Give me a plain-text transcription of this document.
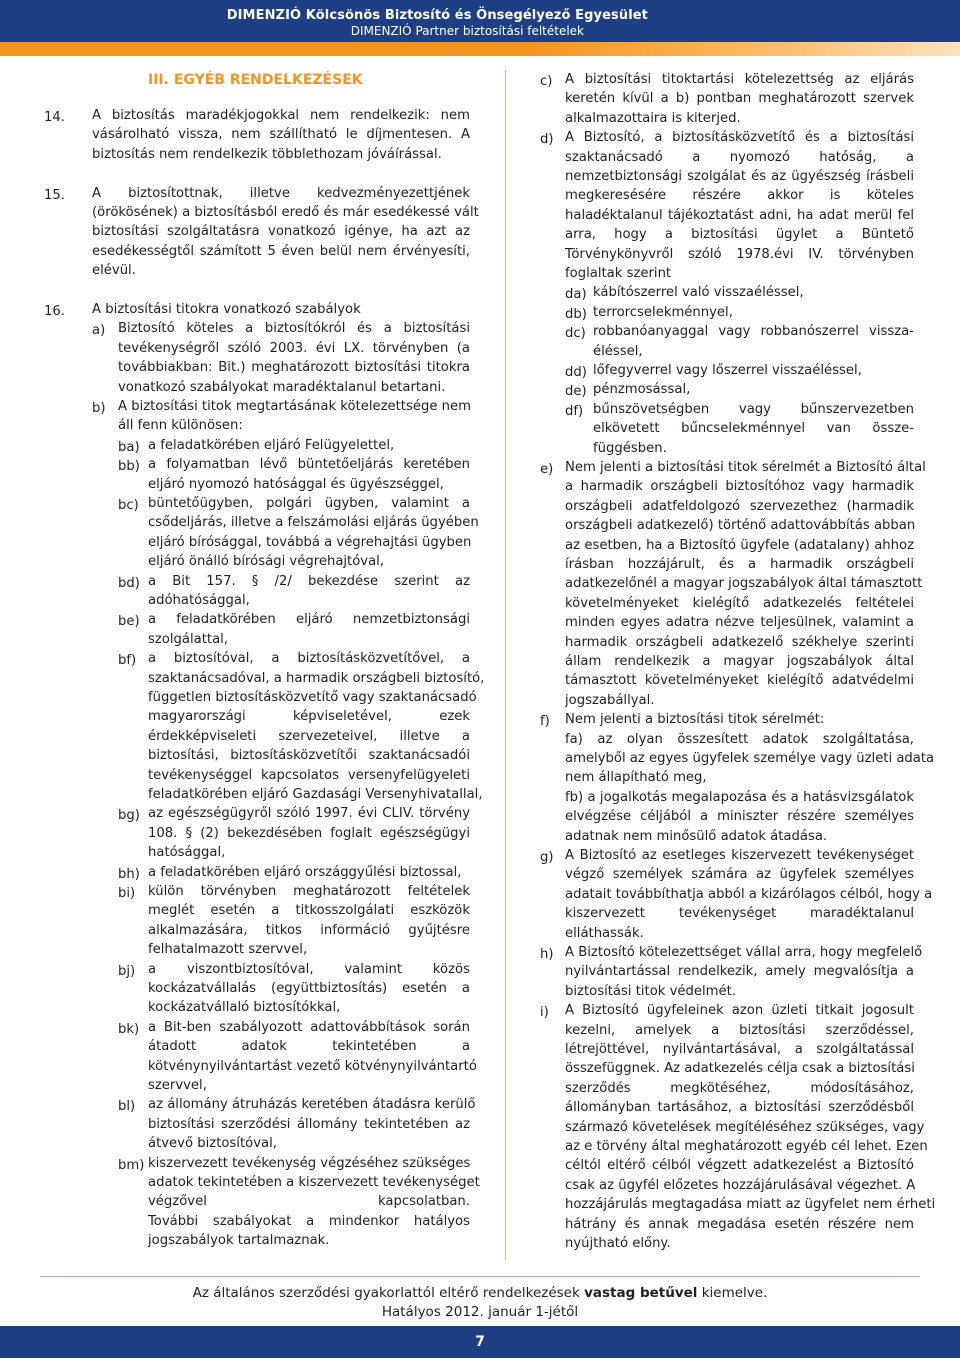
DIMENZIÓ Kölcsönös Biztosító és Önsegélyező Egyesület
DIMENZIÓ Partner biztosítási feltételek
III. EGYÉB RENDELKEZÉSEK
14. A biztosítás maradékjogokkal nem rendelkezik: nem
vásárolható vissza, nem szállítható le díjmentesen. A
biztosítás nem rendelkezik többlethozam jóváírással.
15. A biztosítottnak, illetve kedvezményezettjének
(örökösének) a biztosításból eredő és már esedékessé vált
biztosítási szolgáltatásra vonatkozó igénye, ha azt az
esedékességtől számított 5 éven belül nem érvényesíti,
elévül.
16. A biztosítási titokra vonatkozó szabályok
a) Biztosító köteles a biztosítókról és a biztosítási
tevékenységről szóló 2003. évi LX. törvényben (a
továbbiakban: Bit.) meghatározott biztosítási titokra
vonatkozó szabályokat maradéktalanul betartani.
b) A biztosítási titok megtartásának kötelezettsége nem
áll fenn különösen:
ba) a feladatkörében eljáró Felügyelettel,
bb) a folyamatban lévő büntetőeljárás keretében
eljáró nyomozó hatósággal és ügyészséggel,
bc) büntetőügyben, polgári ügyben, valamint a
csődeljárás, illetve a felszámolási eljárás ügyében
eljáró bírósággal, továbbá a végrehajtási ügyben
eljáró önálló bírósági végrehajtóval,
bd) a Bit 157. § /2/ bekezdése szerint az
adóhatósággal,
be) a feladatkörében eljáró nemzetbiztonsági
szolgálattal,
bf) a biztosítóval, a biztosításközvetítővel, a
szaktanácsadóval, a harmadik országbeli biztosító,
független biztosításközvetítő vagy szaktanácsadó
magyarországi képviseletével, ezek
érdekképviseleti szervezeteivel, illetve a
biztosítási, biztosításközvetítői szaktanácsadói
tevékenységgel kapcsolatos versenyfelügyeleti
feladatkörében eljáró Gazdasági Versenyhivatallal,
bg) az egészségügyről szóló 1997. évi CLIV. törvény
108. § (2) bekezdésében foglalt egészségügyi
hatósággal,
bh) a feladatkörében eljáró országgyűlési biztossal,
bi) külön törvényben meghatározott feltételek
meglét esetén a titkosszolgálati eszközök
alkalmazására, titkos információ gyűjtésre
felhatalmazott szervvel,
bj) a viszontbiztosítóval, valamint közös
kockázatvállalás (együttbiztosítás) esetén a
kockázatvállaló biztosítókkal,
bk) a Bit-ben szabályozott adattovábbítások során
átadott adatok tekintetében a
kötvénynyilvántartást vezető kötvénynyilvántartó
szervvel,
bl) az állomány átruházás keretében átadásra kerülő
biztosítási szerződési állomány tekintetében az
átvevő biztosítóval,
bm) kiszervezett tevékenység végzéséhez szükséges
adatok tekintetében a kiszervezett tevékenységet
végzővel kapcsolatban.
További szabályokat a mindenkor hatályos
jogszabályok tartalmaznak.
c) A biztosítási titoktartási kötelezettség az eljárás
keretén kívül a b) pontban meghatározott szervek
alkalmazottaira is kiterjed.
d) A Biztosító, a biztosításközvetítő és a biztosítási
szaktanácsadó a nyomozó hatóság, a
nemzetbiztonsági szolgálat és az ügyészség írásbeli
megkeresésére részére akkor is köteles
haladéktalanul tájékoztatást adni, ha adat merül fel
arra, hogy a biztosítási ügylet a Büntető
Törvénykönyvről szóló 1978.évi IV. törvényben
foglaltak szerint
da) kábítószerrel való visszaéléssel,
db) terrorcselekménnyel,
dc) robbanóanyaggal vagy robbanószerrel vissza-
éléssel,
dd) lőfegyverrel vagy lőszerrel visszaéléssel,
de) pénzmosással,
df) bűnszövetségben vagy bűnszervezetben
elkövetett bűncselekménnyel van össze-
függésben.
e) Nem jelenti a biztosítási titok sérelmét a Biztosító által
a harmadik országbeli biztosítóhoz vagy harmadik
országbeli adatfeldolgozó szervezethez (harmadik
országbeli adatkezelő) történő adattovábbítás abban
az esetben, ha a Biztosító ügyfele (adatalany) ahhoz
írásban hozzájárult, és a harmadik országbeli
adatkezelőnél a magyar jogszabályok által támasztott
követelményeket kielégítő adatkezelés feltételei
minden egyes adatra nézve teljesülnek, valamint a
harmadik országbeli adatkezelő székhelye szerinti
állam rendelkezik a magyar jogszabályok által
támasztott követelményeket kielégítő adatvédelmi
jogszabállyal.
f) Nem jelenti a biztosítási titok sérelmét:
fa) az olyan összesített adatok szolgáltatása,
amelyből az egyes ügyfelek személye vagy üzleti adata
nem állapítható meg,
fb) a jogalkotás megalapozása és a hatásvizsgálatok
elvégzése céljából a miniszter részére személyes
adatnak nem minősülő adatok átadása.
g) A Biztosító az esetleges kiszervezett tevékenységet
végző személyek számára az ügyfelek személyes
adatait továbbíthatja abból a kizárólagos célból, hogy a
kiszervezett tevékenységet maradéktalanul
elláthassák.
h) A Biztosító kötelezettséget vállal arra, hogy megfelelő
nyilvántartással rendelkezik, amely megvalósítja a
biztosítási titok védelmét.
i) A Biztosító ügyfeleinek azon üzleti titkait jogosult
kezelni, amelyek a biztosítási szerződéssel,
létrejöttével, nyilvántartásával, a szolgáltatással
összefüggnek. Az adatkezelés célja csak a biztosítási
szerződés megkötéséhez, módosításához,
állományban tartásához, a biztosítási szerződésből
származó követelések megítéléséhez szükséges, vagy
az e törvény által meghatározott egyéb cél lehet. Ezen
céltól eltérő célból végzett adatkezelést a Biztosító
csak az ügyfél előzetes hozzájárulásával végezhet. A
hozzájárulás megtagadása miatt az ügyfelet nem érheti
hátrány és annak megadása esetén részére nem
nyújtható előny.
Az általános szerződési gyakorlattól eltérő rendelkezések vastag betűvel kiemelve.
Hatályos 2012. január 1-jétől
7
